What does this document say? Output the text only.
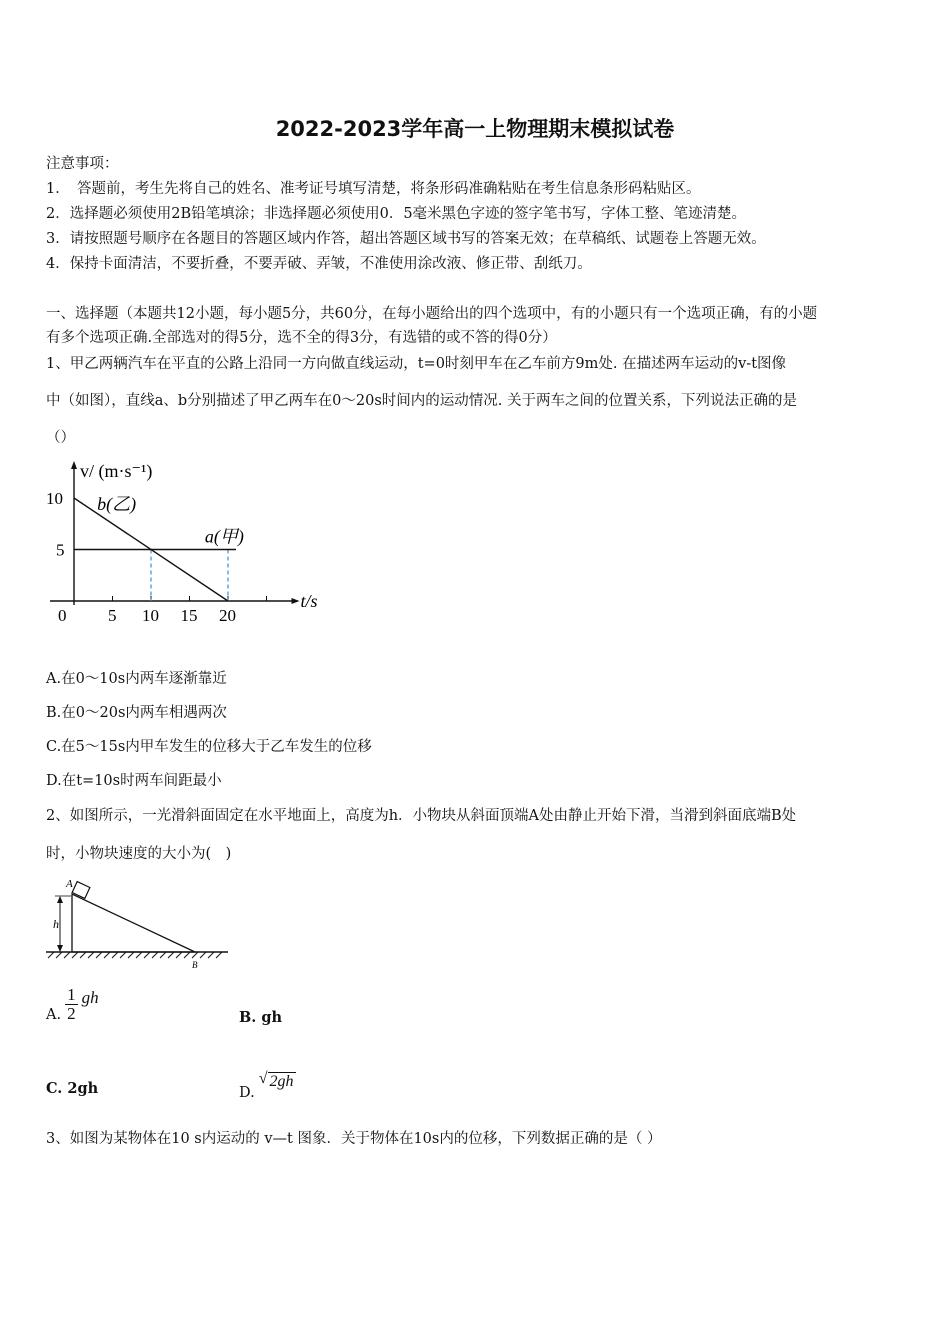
2022-2023学年高一上物理期末模拟试卷
注意事项：
1．　答题前，考生先将自己的姓名、准考证号填写清楚，将条形码准确粘贴在考生信息条形码粘贴区。
2．选择题必须使用2B铅笔填涂；非选择题必须使用0．5毫米黑色字迹的签字笔书写，字体工整、笔迹清楚。
3．请按照题号顺序在各题目的答题区域内作答，超出答题区域书写的答案无效；在草稿纸、试题卷上答题无效。
4．保持卡面清洁，不要折叠，不要弄破、弄皱，不准使用涂改液、修正带、刮纸刀。
一、选择题（本题共12小题，每小题5分，共60分，在每小题给出的四个选项中，有的小题只有一个选项正确，有的小题
有多个选项正确.全部选对的得5分，选不全的得3分，有选错的或不答的得0分）
1、甲乙两辆汽车在平直的公路上沿同一方向做直线运动，t=0时刻甲车在乙车前方9m处. 在描述两车运动的v-t图像
中（如图），直线a、b分别描述了甲乙两车在0～20s时间内的运动情况. 关于两车之间的位置关系，下列说法正确的是
（）
0 5 10 15 20
10
5
b(乙)
a(甲)
v/ (m·s⁻¹)
t/s
A.在0～10s内两车逐渐靠近
B.在0～20s内两车相遇两次
C.在5～15s内甲车发生的位移大于乙车发生的位移
D.在t=10s时两车间距最小
2、如图所示，一光滑斜面固定在水平地面上，高度为h．小物块从斜面顶端A处由静止开始下滑，当滑到斜面底端B处
时，小物块速度的大小为(　)
A
h
B
A. $\frac{1}{2}$ gh
B. gh
C. 2gh	D.
√ 2gh
3、如图为某物体在10 s内运动的 v—t 图象．关于物体在10s内的位移，下列数据正确的是（ ）
